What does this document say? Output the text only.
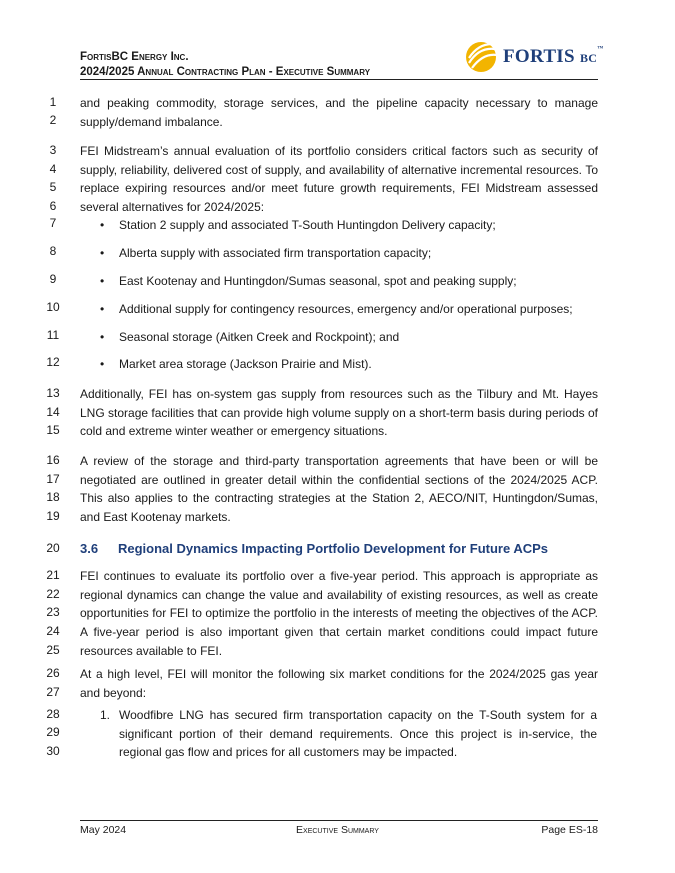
FortisBC Energy Inc.
2024/2025 Annual Contracting Plan - Executive Summary
FORTIS BC™
1
2
3
4
5
6
7
8
9
10
11
12
13
14
15
16
17
18
19
20
21
22
23
24
25
26
27
28
29
30
and peaking commodity, storage services, and the pipeline capacity necessary to manage supply/demand imbalance.
FEI Midstream’s annual evaluation of its portfolio considers critical factors such as security of supply, reliability, delivered cost of supply, and availability of alternative incremental resources. To replace expiring resources and/or meet future growth requirements, FEI Midstream assessed several alternatives for 2024/2025:
• Station 2 supply and associated T-South Huntingdon Delivery capacity;
• Alberta supply with associated firm transportation capacity;
• East Kootenay and Huntingdon/Sumas seasonal, spot and peaking supply;
• Additional supply for contingency resources, emergency and/or operational purposes;
• Seasonal storage (Aitken Creek and Rockpoint); and
• Market area storage (Jackson Prairie and Mist).
Additionally, FEI has on-system gas supply from resources such as the Tilbury and Mt. Hayes LNG storage facilities that can provide high volume supply on a short-term basis during periods of cold and extreme winter weather or emergency situations.
A review of the storage and third-party transportation agreements that have been or will be negotiated are outlined in greater detail within the confidential sections of the 2024/2025 ACP. This also applies to the contracting strategies at the Station 2, AECO/NIT, Huntingdon/Sumas, and East Kootenay markets.
3.6 Regional Dynamics Impacting Portfolio Development for Future ACPs
FEI continues to evaluate its portfolio over a five-year period. This approach is appropriate as regional dynamics can change the value and availability of existing resources, as well as create opportunities for FEI to optimize the portfolio in the interests of meeting the objectives of the ACP. A five-year period is also important given that certain market conditions could impact future resources available to FEI.
At a high level, FEI will monitor the following six market conditions for the 2024/2025 gas year and beyond:
1. Woodfibre LNG has secured firm transportation capacity on the T-South system for a significant portion of their demand requirements. Once this project is in-service, the regional gas flow and prices for all customers may be impacted.
May 2024	Executive Summary	Page ES-18
